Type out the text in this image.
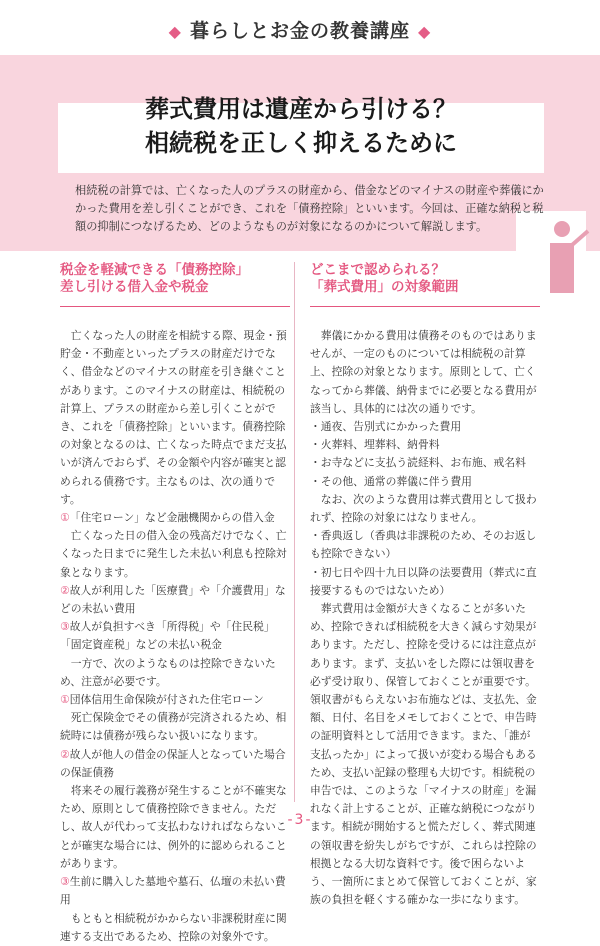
◆ 暮らしとお金の教養講座 ◆
葬式費用は遺産から引ける？
相続税を正しく抑えるために
相続税の計算では、亡くなった人のプラスの財産から、借金などのマイナスの財産や葬儀にかかった費用を差し引くことができ、これを「債務控除」といいます。今回は、正確な納税と税額の抑制につなげるため、どのようなものが対象になるのかについて解説します。
税金を軽減できる「債務控除」
差し引ける借入金や税金

亡くなった人の財産を相続する際、現金・預貯金・不動産といったプラスの財産だけでなく、借金などのマイナスの財産を引き継ぐことがあります。このマイナスの財産は、相続税の計算上、プラスの財産から差し引くことができ、これを「債務控除」といいます。債務控除の対象となるのは、亡くなった時点でまだ支払いが済んでおらず、その金額や内容が確実と認められる債務です。主なものは、次の通りです。

①「住宅ローン」など金融機関からの借入金

亡くなった日の借入金の残高だけでなく、亡くなった日までに発生した未払い利息も控除対象となります。

②故人が利用した「医療費」や「介護費用」などの未払い費用

③故人が負担すべき「所得税」や「住民税」「固定資産税」などの未払い税金

一方で、次のようなものは控除できないため、注意が必要です。

①団体信用生命保険が付された住宅ローン

死亡保険金でその債務が完済されるため、相続時には債務が残らない扱いになります。

②故人が他人の借金の保証人となっていた場合の保証債務

将来その履行義務が発生することが不確実なため、原則として債務控除できません。ただし、故人が代わって支払わなければならないことが確実な場合には、例外的に認められることがあります。

③生前に購入した墓地や墓石、仏壇の未払い費用

もともと相続税がかからない非課税財産に関連する支出であるため、控除の対象外です。

どこまで認められる？
「葬式費用」の対象範囲

葬儀にかかる費用は債務そのものではありませんが、一定のものについては相続税の計算上、控除の対象となります。原則として、亡くなってから葬儀、納骨までに必要となる費用が該当し、具体的には次の通りです。

・通夜、告別式にかかった費用

・火葬料、埋葬料、納骨料

・お寺などに支払う読経料、お布施、戒名料

・その他、通常の葬儀に伴う費用

なお、次のような費用は葬式費用として扱われず、控除の対象にはなりません。

・香典返し（香典は非課税のため、そのお返しも控除できない）

・初七日や四十九日以降の法要費用（葬式に直接要するものではないため）

葬式費用は金額が大きくなることが多いため、控除できれば相続税を大きく減らす効果があります。ただし、控除を受けるには注意点があります。まず、支払いをした際には領収書を必ず受け取り、保管しておくことが重要です。領収書がもらえないお布施などは、支払先、金額、日付、名目をメモしておくことで、申告時の証明資料として活用できます。また、「誰が支払ったか」によって扱いが変わる場合もあるため、支払い記録の整理も大切です。相続税の申告では、このような「マイナスの財産」を漏れなく計上することが、正確な納税につながります。相続が開始すると慌ただしく、葬式関連の領収書を紛失しがちですが、これらは控除の根拠となる大切な資料です。後で困らないよう、一箇所にまとめて保管しておくことが、家族の負担を軽くする確かな一歩になります。

-3-
